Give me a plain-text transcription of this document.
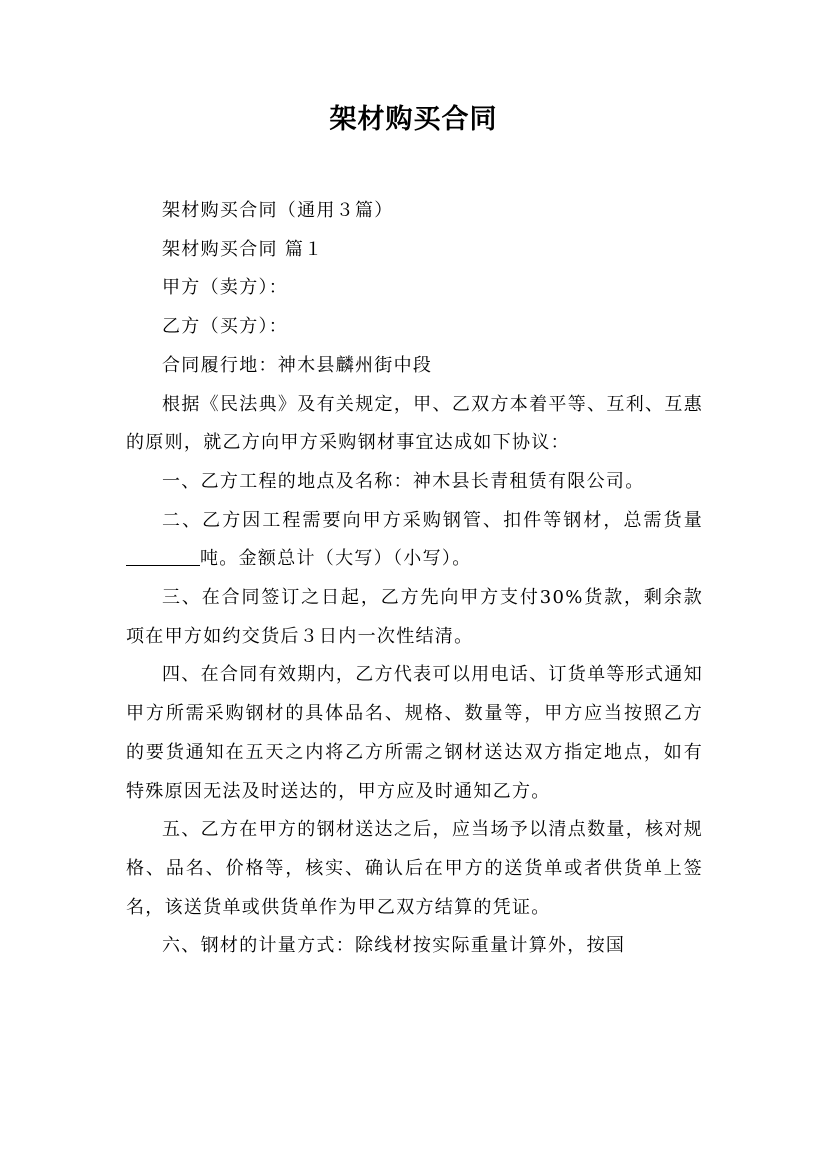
架材购买合同

架材购买合同（通用３篇）

架材购买合同 篇１

甲方（卖方）：

乙方（买方）：

合同履行地：神木县麟州街中段

根据《民法典》及有关规定，甲、乙双方本着平等、互利、互惠的原则，就乙方向甲方采购钢材事宜达成如下协议：

一、乙方工程的地点及名称：神木县长青租赁有限公司。

二、乙方因工程需要向甲方采购钢管、扣件等钢材，总需货量吨。金额总计（大写）（小写）。

三、在合同签订之日起，乙方先向甲方支付30%货款，剩余款项在甲方如约交货后３日内一次性结清。

四、在合同有效期内，乙方代表可以用电话、订货单等形式通知甲方所需采购钢材的具体品名、规格、数量等，甲方应当按照乙方的要货通知在五天之内将乙方所需之钢材送达双方指定地点，如有特殊原因无法及时送达的，甲方应及时通知乙方。

五、乙方在甲方的钢材送达之后，应当场予以清点数量，核对规格、品名、价格等，核实、确认后在甲方的送货单或者供货单上签名，该送货单或供货单作为甲乙双方结算的凭证。

六、钢材的计量方式：除线材按实际重量计算外，按国
